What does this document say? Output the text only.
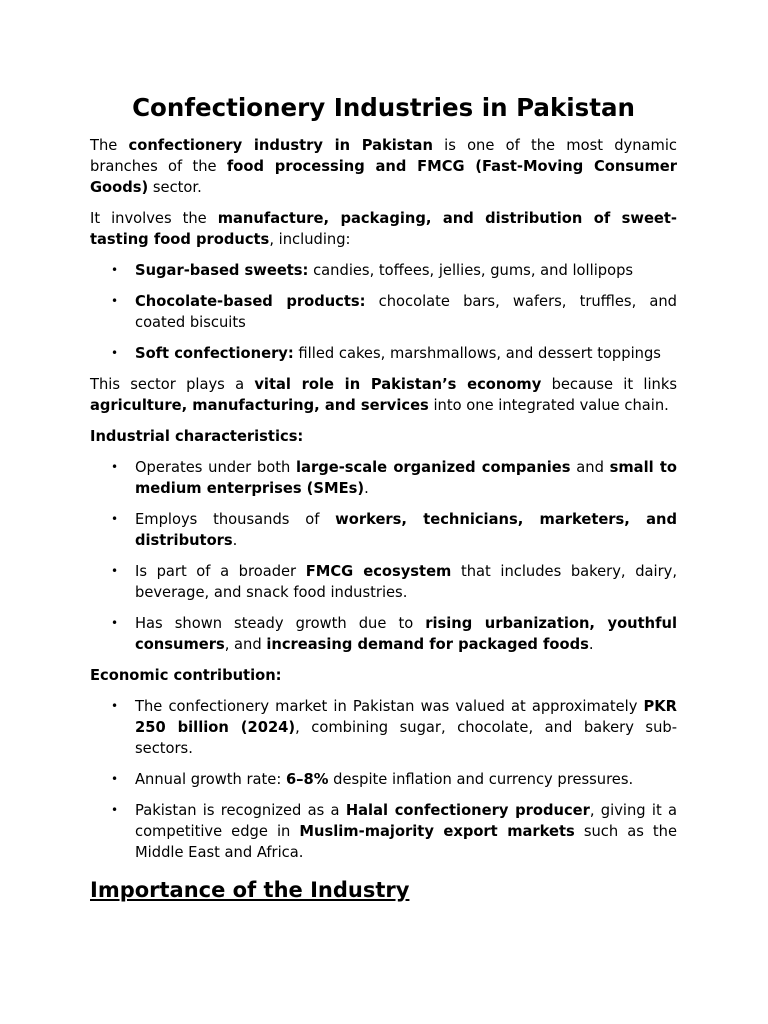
Confectionery Industries in Pakistan

The confectionery industry in Pakistan is one of the most dynamic branches of the food processing and FMCG (Fast-Moving Consumer Goods) sector.

It involves the manufacture, packaging, and distribution of sweet-tasting food products, including:

• Sugar-based sweets: candies, toffees, jellies, gums, and lollipops
• Chocolate-based products: chocolate bars, wafers, truffles, and coated biscuits
• Soft confectionery: filled cakes, marshmallows, and dessert toppings

This sector plays a vital role in Pakistan’s economy because it links agriculture, manufacturing, and services into one integrated value chain.

Industrial characteristics:

• Operates under both large-scale organized companies and small to medium enterprises (SMEs).
• Employs thousands of workers, technicians, marketers, and distributors.
• Is part of a broader FMCG ecosystem that includes bakery, dairy, beverage, and snack food industries.
• Has shown steady growth due to rising urbanization, youthful consumers, and increasing demand for packaged foods.

Economic contribution:

• The confectionery market in Pakistan was valued at approximately PKR 250 billion (2024), combining sugar, chocolate, and bakery sub-sectors.
• Annual growth rate: 6–8% despite inflation and currency pressures.
• Pakistan is recognized as a Halal confectionery producer, giving it a competitive edge in Muslim-majority export markets such as the Middle East and Africa.
Importance of the Industry
